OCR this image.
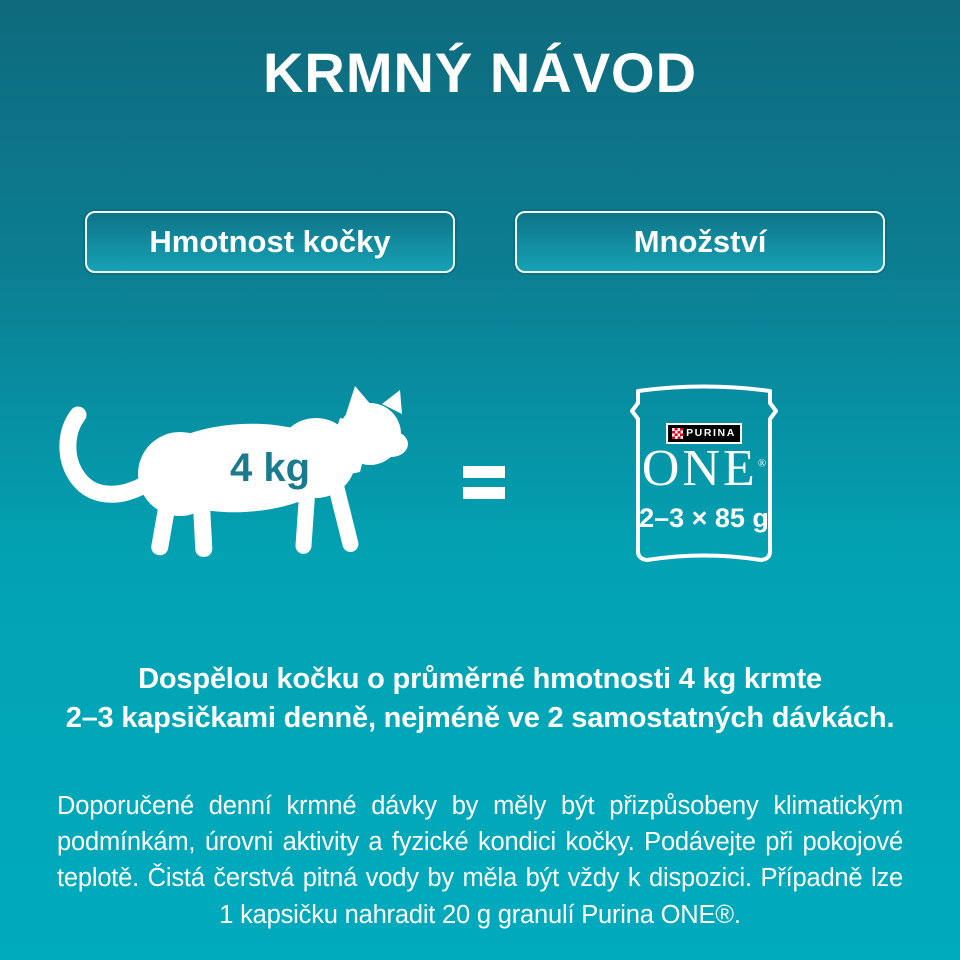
KRMNÝ NÁVOD
Hmotnost kočky	Množství
4 kg
PURINA
ONE®
2–3 × 85 g
Dospělou kočku o průměrné hmotnosti 4 kg krmte
2–3 kapsičkami denně, nejméně ve 2 samostatných dávkách.
Doporučené denní krmné dávky by měly být přizpůsobeny klimatickým podmínkám, úrovni aktivity a fyzické kondici kočky. Podávejte při pokojové teplotě. Čistá čerstvá pitná vody by měla být vždy k dispozici. Případně lze 1 kapsičku nahradit 20 g granulí Purina ONE®.
